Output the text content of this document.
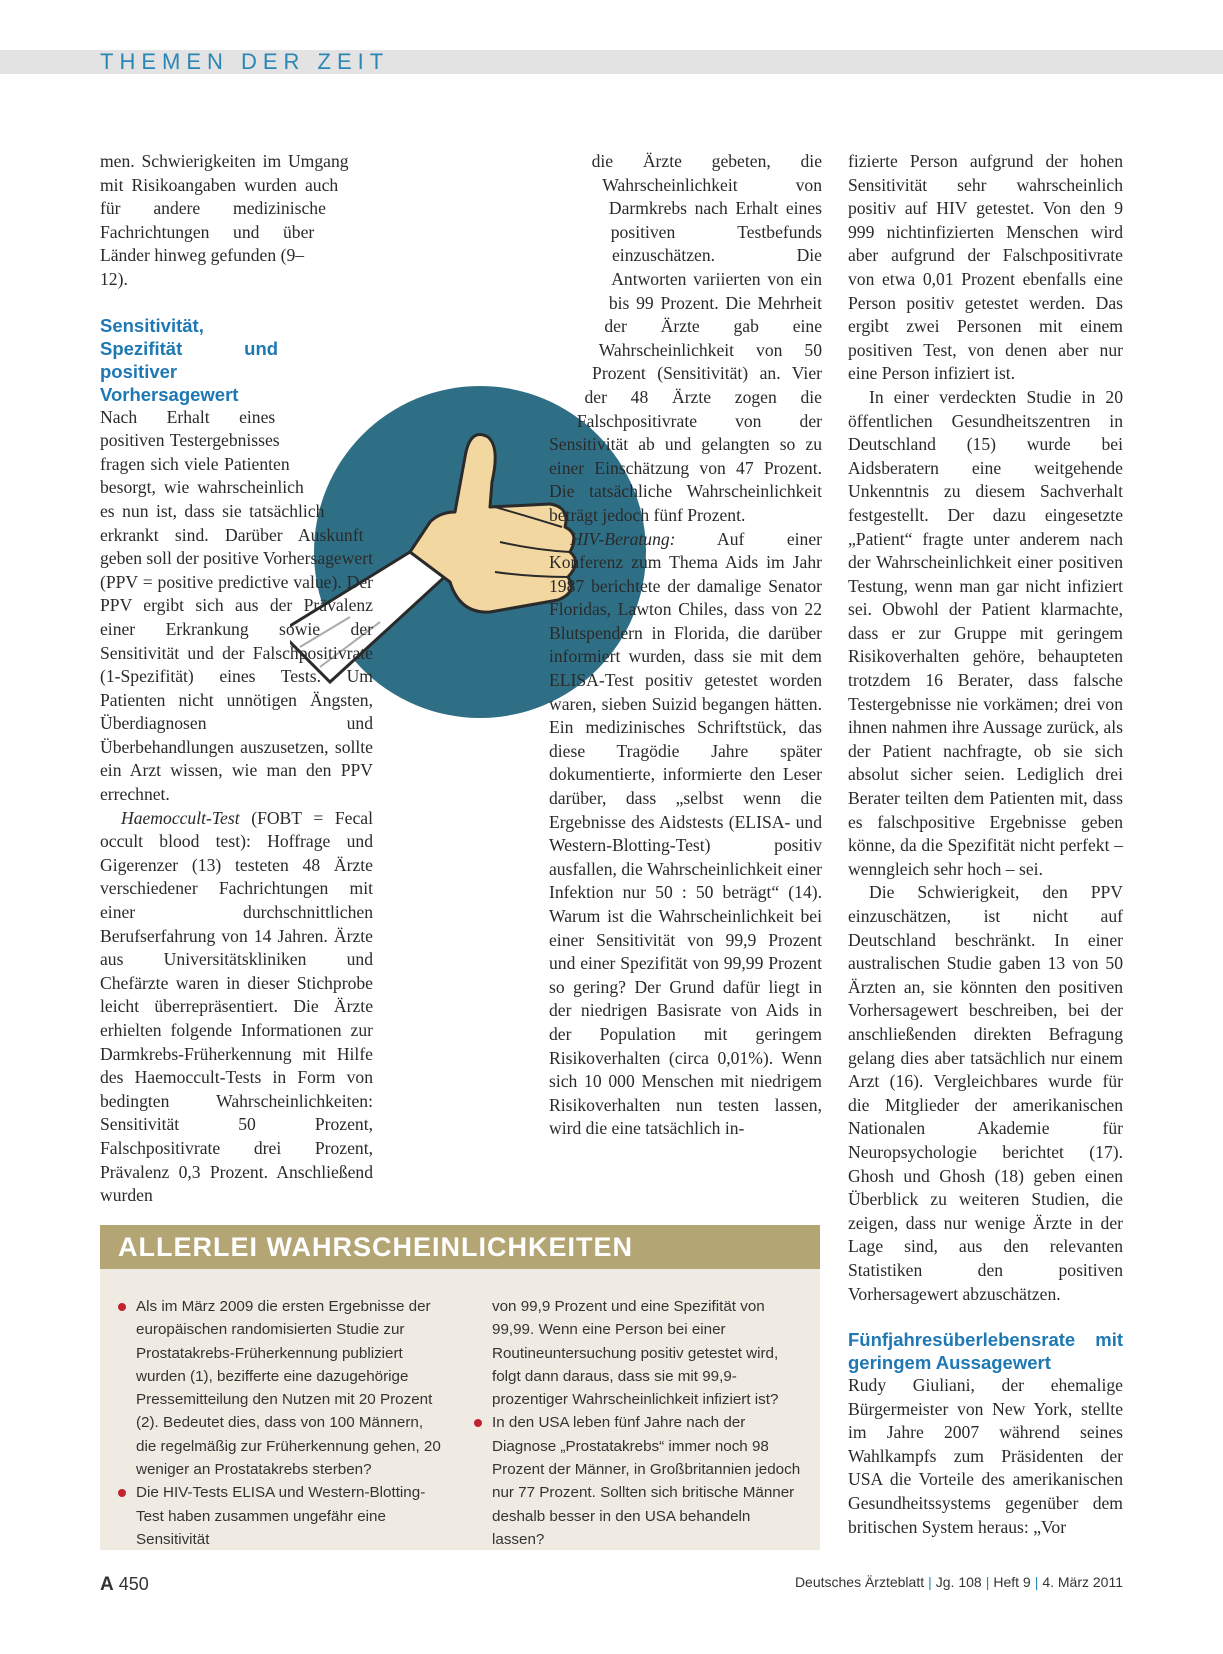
THEMEN DER ZEIT

men. Schwierigkeiten im Umgang mit Risikoangaben wurden auch für andere medizinische Fachrichtungen und über Länder hinweg gefunden (9–12).

Sensitivität, Spezifität und positiver Vorhersagewert

Nach Erhalt eines positiven Testergebnisses fragen sich viele Patienten besorgt, wie wahrscheinlich es nun ist, dass sie tatsächlich erkrankt sind. Darüber Auskunft geben soll der positive Vorhersagewert (PPV = positive predictive value). Der PPV ergibt sich aus der Prävalenz einer Erkrankung sowie der Sensitivität und der Falschpositivrate (1-Spezifität) eines Tests. Um Patienten nicht unnötigen Ängsten, Überdiagnosen und Überbehandlungen auszusetzen, sollte ein Arzt wissen, wie man den PPV errechnet.

Haemoccult-Test (FOBT = Fecal occult blood test): Hoffrage und Gigerenzer (13) testeten 48 Ärzte verschiedener Fachrichtungen mit einer durchschnittlichen Berufserfahrung von 14 Jahren. Ärzte aus Universitätskliniken und Chefärzte waren in dieser Stichprobe leicht überrepräsentiert. Die Ärzte erhielten folgende Informationen zur Darmkrebs-Früherkennung mit Hilfe des Haemoccult-Tests in Form von bedingten Wahrscheinlichkeiten: Sensitivität 50 Prozent, Falschpositivrate drei Prozent, Prävalenz 0,3 Prozent. Anschließend wurden

die Ärzte gebeten, die Wahrscheinlichkeit von Darmkrebs nach Erhalt eines positiven Testbefunds einzuschätzen. Die Antworten variierten von ein bis 99 Prozent. Die Mehrheit der Ärzte gab eine Wahrscheinlichkeit von 50 Prozent (Sensitivität) an. Vier der 48 Ärzte zogen die Falschpositivrate von der Sensitivität ab und gelangten so zu einer Einschätzung von 47 Prozent. Die tatsächliche Wahrscheinlichkeit beträgt jedoch fünf Prozent.

HIV-Beratung: Auf einer Konferenz zum Thema Aids im Jahr 1987 berichtete der damalige Senator Floridas, Lawton Chiles, dass von 22 Blutspendern in Florida, die darüber informiert wurden, dass sie mit dem ELISA-Test positiv getestet worden waren, sieben Suizid begangen hätten. Ein medizinisches Schriftstück, das diese Tragödie Jahre später dokumentierte, informierte den Leser darüber, dass „selbst wenn die Ergebnisse des Aidstests (ELISA- und Western-Blotting-Test) positiv ausfallen, die Wahrscheinlichkeit einer Infektion nur 50 : 50 beträgt“ (14). Warum ist die Wahrscheinlichkeit bei einer Sensitivität von 99,9 Prozent und einer Spezifität von 99,99 Prozent so gering? Der Grund dafür liegt in der niedrigen Basisrate von Aids in der Population mit geringem Risikoverhalten (circa 0,01%). Wenn sich 10 000 Menschen mit niedrigem Risikoverhalten nun testen lassen, wird die eine tatsächlich in-

fizierte Person aufgrund der hohen Sensitivität sehr wahrscheinlich positiv auf HIV getestet. Von den 9 999 nichtinfizierten Menschen wird aber aufgrund der Falschpositivrate von etwa 0,01 Prozent ebenfalls eine Person positiv getestet werden. Das ergibt zwei Personen mit einem positiven Test, von denen aber nur eine Person infiziert ist.

In einer verdeckten Studie in 20 öffentlichen Gesundheitszentren in Deutschland (15) wurde bei Aidsberatern eine weitgehende Unkenntnis zu diesem Sachverhalt festgestellt. Der dazu eingesetzte „Patient“ fragte unter anderem nach der Wahrscheinlichkeit einer positiven Testung, wenn man gar nicht infiziert sei. Obwohl der Patient klarmachte, dass er zur Gruppe mit geringem Risikoverhalten gehöre, behaupteten trotzdem 16 Berater, dass falsche Testergebnisse nie vorkämen; drei von ihnen nahmen ihre Aussage zurück, als der Patient nachfragte, ob sie sich absolut sicher seien. Lediglich drei Berater teilten dem Patienten mit, dass es falschpositive Ergebnisse geben könne, da die Spezifität nicht perfekt – wenngleich sehr hoch – sei.

Die Schwierigkeit, den PPV einzuschätzen, ist nicht auf Deutschland beschränkt. In einer australischen Studie gaben 13 von 50 Ärzten an, sie könnten den positiven Vorhersagewert beschreiben, bei der anschließenden direkten Befragung gelang dies aber tatsächlich nur einem Arzt (16). Vergleichbares wurde für die Mitglieder der amerikanischen Nationalen Akademie für Neuropsychologie berichtet (17). Ghosh und Ghosh (18) geben einen Überblick zu weiteren Studien, die zeigen, dass nur wenige Ärzte in der Lage sind, aus den relevanten Statistiken den positiven Vorhersagewert abzuschätzen.

Fünfjahresüberlebensrate mit geringem Aussagewert

Rudy Giuliani, der ehemalige Bürgermeister von New York, stellte im Jahre 2007 während seines Wahlkampfs zum Präsidenten der USA die Vorteile des amerikanischen Gesundheitssystems gegenüber dem britischen System heraus: „Vor

ALLERLEI WAHRSCHEINLICHKEITEN
Als im März 2009 die ersten Ergebnisse der europäischen randomisierten Studie zur Prostatakrebs-Früherkennung publiziert wurden (1), bezifferte eine dazugehörige Pressemitteilung den Nutzen mit 20 Prozent (2). Bedeutet dies, dass von 100 Männern, die regelmäßig zur Früherkennung gehen, 20 weniger an Prostatakrebs sterben?
Die HIV-Tests ELISA und Western-Blotting-Test haben zusammen ungefähr eine Sensitivität
von 99,9 Prozent und eine Spezifität von 99,99. Wenn eine Person bei einer Routineuntersuchung positiv getestet wird, folgt dann daraus, dass sie mit 99,9-prozentiger Wahrscheinlichkeit infiziert ist?
In den USA leben fünf Jahre nach der Diagnose „Prostatakrebs“ immer noch 98 Prozent der Männer, in Großbritannien jedoch nur 77 Prozent. Sollten sich britische Männer deshalb besser in den USA behandeln lassen?
A 450	Deutsches Ärzteblatt | Jg. 108 | Heft 9 | 4. März 2011
